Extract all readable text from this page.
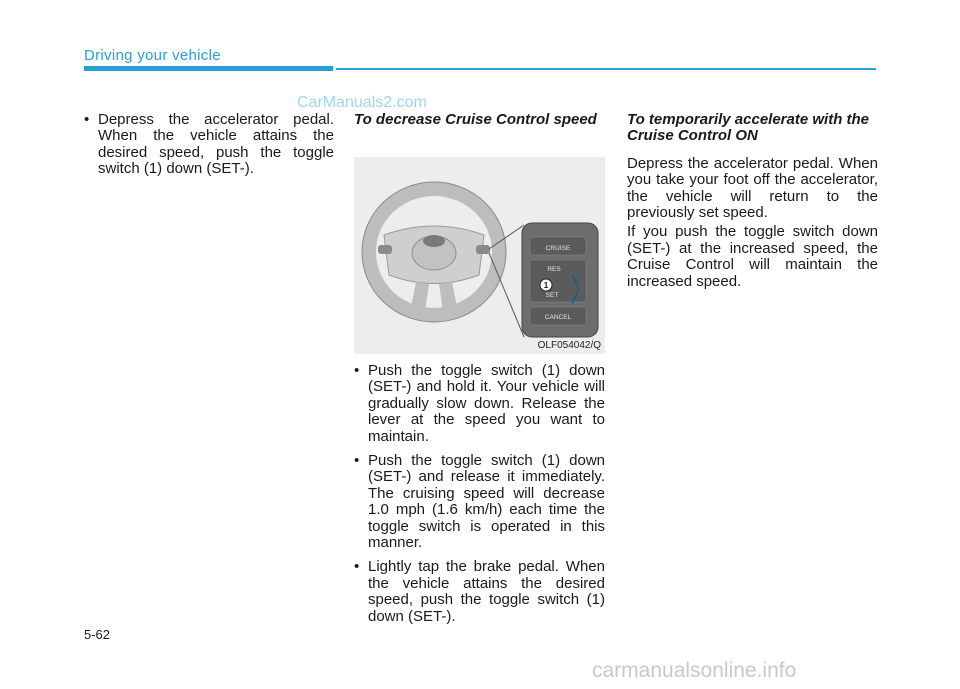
Driving your vehicle
CarManuals2.com

• Depress the accelerator pedal. When the vehicle attains the desired speed, push the toggle switch (1) down (SET-).

To decrease Cruise Control speed

CRUISE
RES
SET
1
CANCEL
OLF054042/Q

• Push the toggle switch (1) down (SET-) and hold it. Your vehicle will gradually slow down. Release the lever at the speed you want to maintain.

• Push the toggle switch (1) down (SET-) and release it immediately. The cruising speed will decrease 1.0 mph (1.6 km/h) each time the toggle switch is operated in this manner.

• Lightly tap the brake pedal. When the vehicle attains the desired speed, push the toggle switch (1) down (SET-).

To temporarily accelerate with the Cruise Control ON

Depress the accelerator pedal. When you take your foot off the accelerator, the vehicle will return to the previously set speed.

If you push the toggle switch down (SET-) at the increased speed, the Cruise Control will maintain the increased speed.

5-62
carmanualsonline.info
